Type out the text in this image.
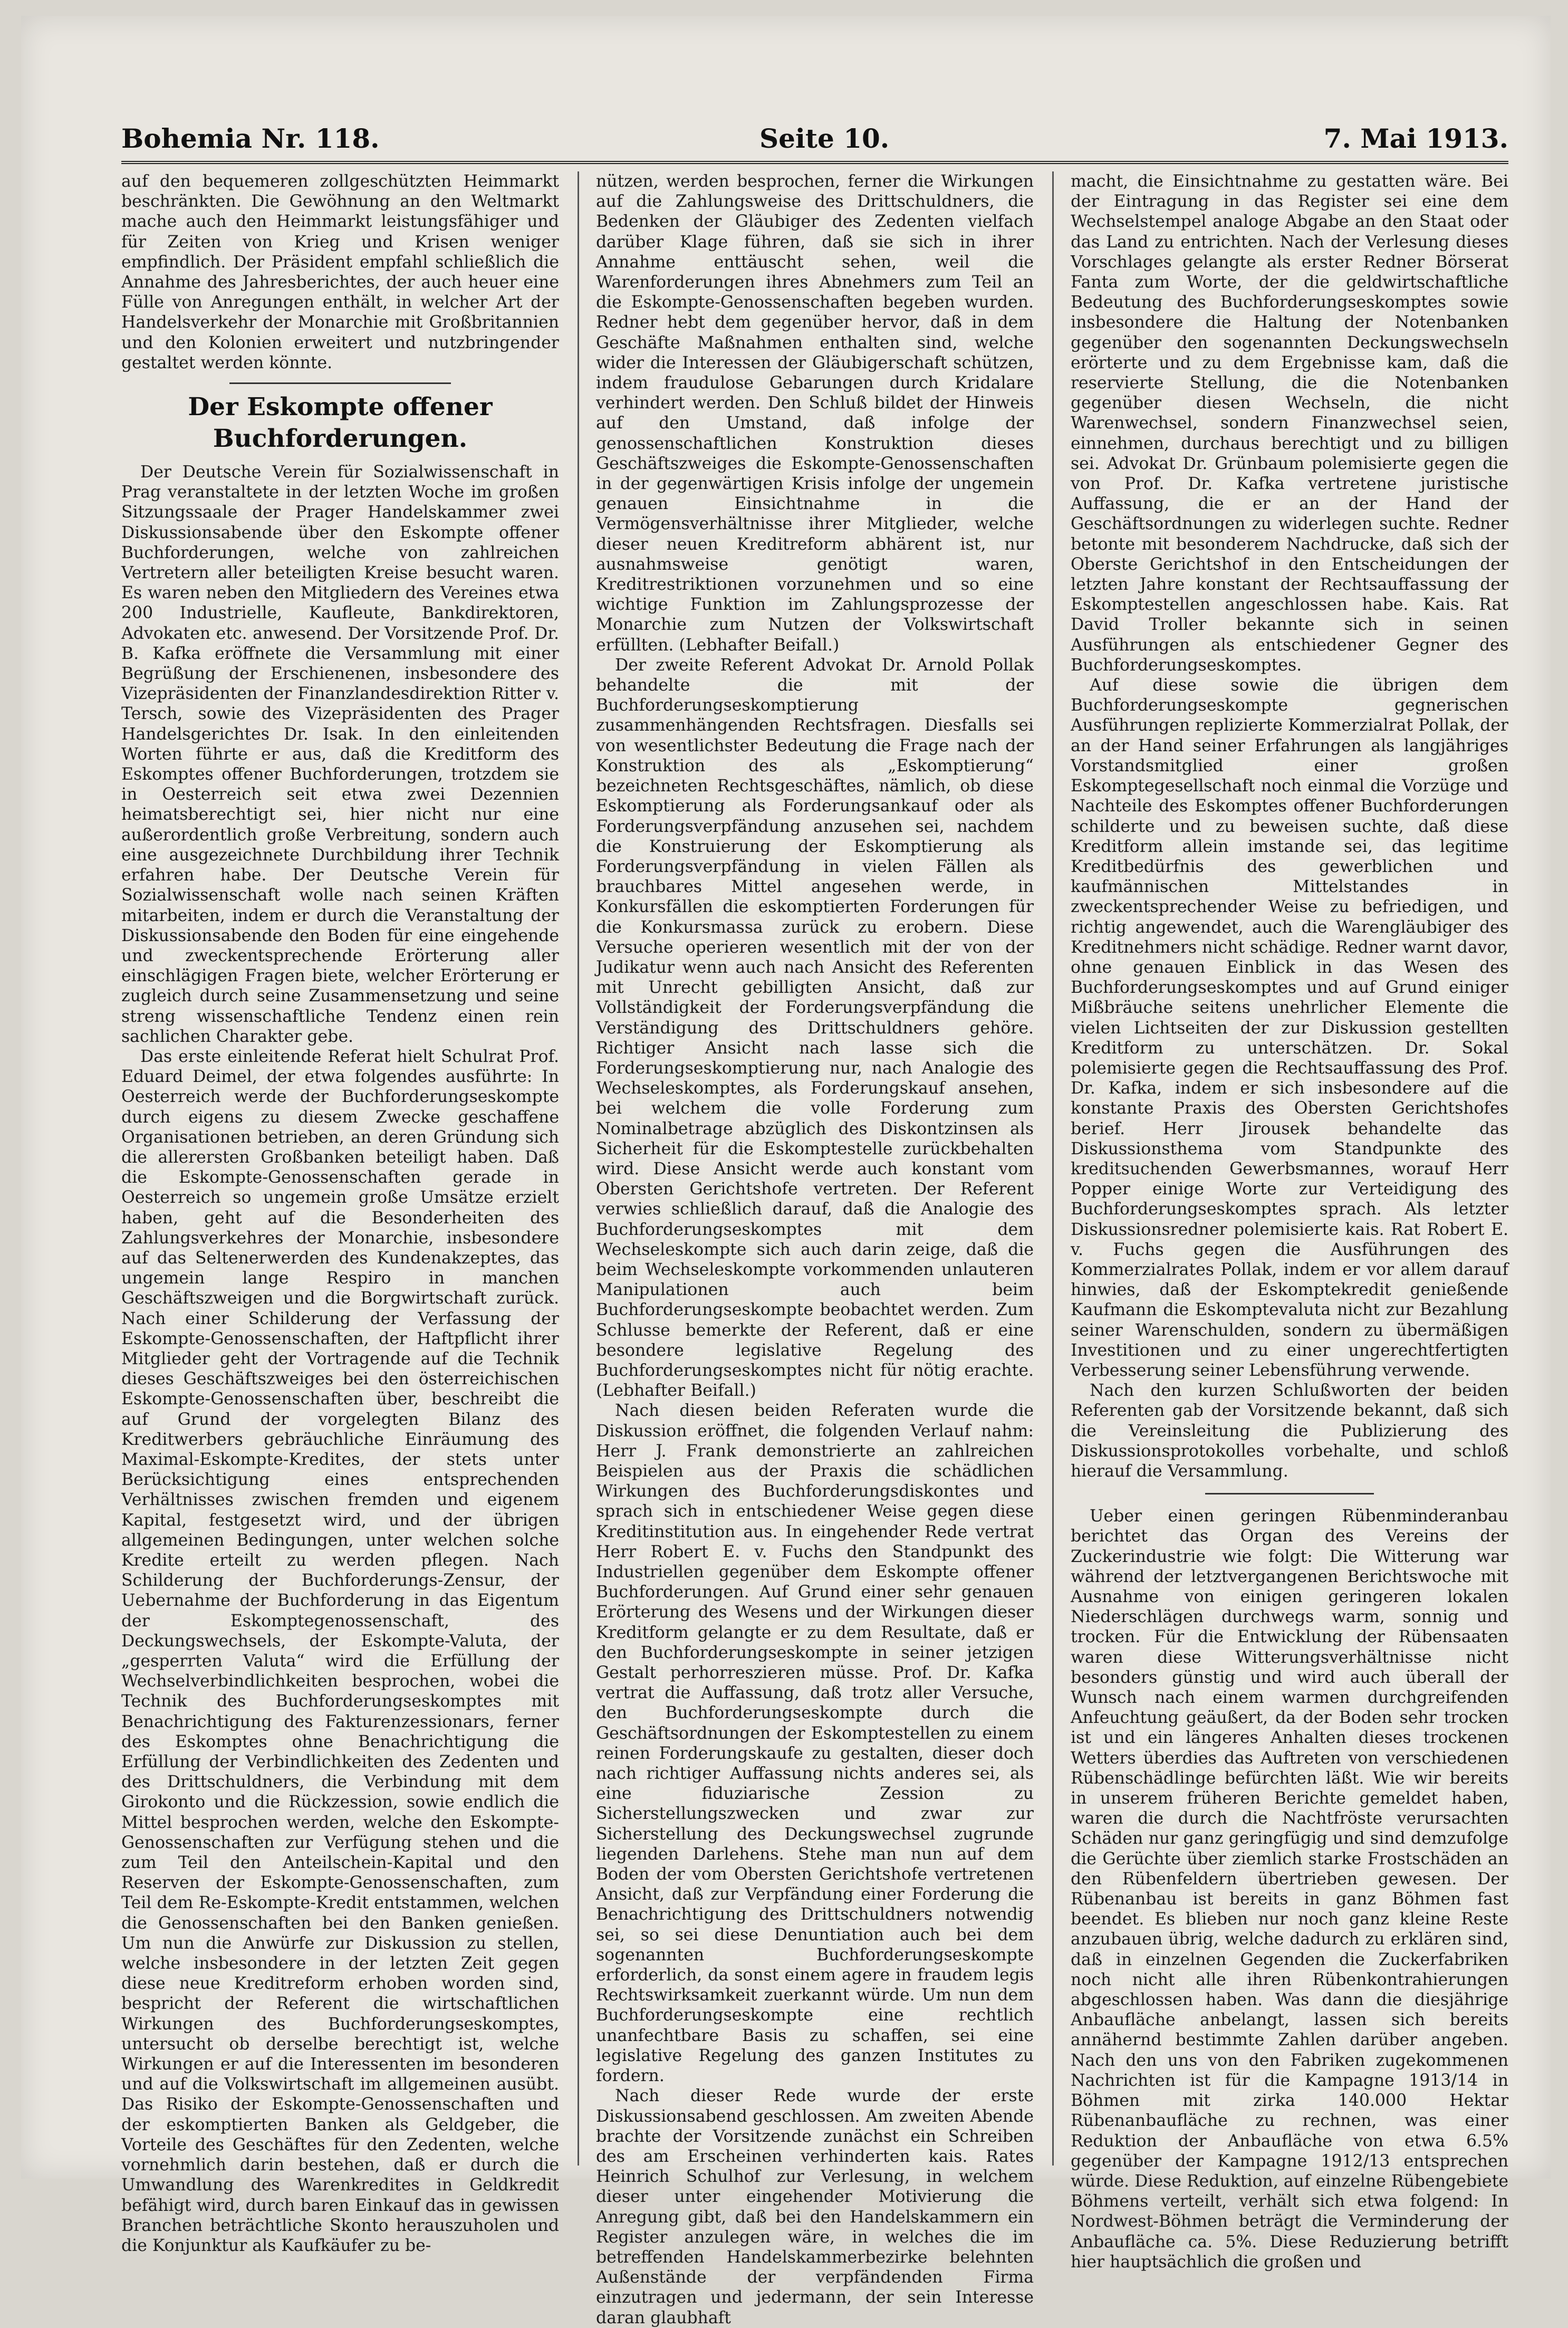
Bohemia Nr. 118.	Seite 10.	7. Mai 1913.

auf den bequemeren zollgeschützten Heimmarkt beschränkten. Die Gewöhnung an den Weltmarkt mache auch den Heimmarkt leistungsfähiger und für Zeiten von Krieg und Krisen weniger empfindlich. Der Präsident empfahl schließlich die Annahme des Jahresberichtes, der auch heuer eine Fülle von Anregungen enthält, in welcher Art der Handelsverkehr der Monarchie mit Großbritannien und den Kolonien erweitert und nutzbringender gestaltet werden könnte.

Der Eskompte offener Buchforderungen.

Der Deutsche Verein für Sozialwissenschaft in Prag veranstaltete in der letzten Woche im großen Sitzungssaale der Prager Handelskammer zwei Diskussionsabende über den Eskompte offener Buchforderungen, welche von zahlreichen Vertretern aller beteiligten Kreise besucht waren. Es waren neben den Mitgliedern des Vereines etwa 200 Industrielle, Kaufleute, Bankdirektoren, Advokaten etc. anwesend. Der Vorsitzende Prof. Dr. B. Kafka eröffnete die Versammlung mit einer Begrüßung der Erschienenen, insbesondere des Vizepräsidenten der Finanzlandesdirektion Ritter v. Tersch, sowie des Vizepräsidenten des Prager Handelsgerichtes Dr. Isak. In den einleitenden Worten führte er aus, daß die Kreditform des Eskomptes offener Buchforderungen, trotzdem sie in Oesterreich seit etwa zwei Dezennien heimatsberechtigt sei, hier nicht nur eine außerordentlich große Verbreitung, sondern auch eine ausgezeichnete Durchbildung ihrer Technik erfahren habe. Der Deutsche Verein für Sozialwissenschaft wolle nach seinen Kräften mitarbeiten, indem er durch die Veranstaltung der Diskussionsabende den Boden für eine eingehende und zweckentsprechende Erörterung aller einschlägigen Fragen biete, welcher Erörterung er zugleich durch seine Zusammensetzung und seine streng wissenschaftliche Tendenz einen rein sachlichen Charakter gebe.

Das erste einleitende Referat hielt Schulrat Prof. Eduard Deimel, der etwa folgendes ausführte: In Oesterreich werde der Buchforderungseskompte durch eigens zu diesem Zwecke geschaffene Organisationen betrieben, an deren Gründung sich die allerersten Großbanken beteiligt haben. Daß die Eskompte-Genossenschaften gerade in Oesterreich so ungemein große Umsätze erzielt haben, geht auf die Besonderheiten des Zahlungsverkehres der Monarchie, insbesondere auf das Seltenerwerden des Kundenakzeptes, das ungemein lange Respiro in manchen Geschäftszweigen und die Borgwirtschaft zurück. Nach einer Schilderung der Verfassung der Eskompte-Genossenschaften, der Haftpflicht ihrer Mitglieder geht der Vortragende auf die Technik dieses Geschäftszweiges bei den österreichischen Eskompte-Genossenschaften über, beschreibt die auf Grund der vorgelegten Bilanz des Kreditwerbers gebräuchliche Einräumung des Maximal-Eskompte-Kredites, der stets unter Berücksichtigung eines entsprechenden Verhältnisses zwischen fremden und eigenem Kapital, festgesetzt wird, und der übrigen allgemeinen Bedingungen, unter welchen solche Kredite erteilt zu werden pflegen. Nach Schilderung der Buchforderungs-Zensur, der Uebernahme der Buchforderung in das Eigentum der Eskomptegenossenschaft, des Deckungswechsels, der Eskompte-Valuta, der „gesperrten Valuta“ wird die Erfüllung der Wechselverbindlichkeiten besprochen, wobei die Technik des Buchforderungseskomptes mit Benachrichtigung des Fakturenzessionars, ferner des Eskomptes ohne Benachrichtigung die Erfüllung der Verbindlichkeiten des Zedenten und des Drittschuldners, die Verbindung mit dem Girokonto und die Rückzession, sowie endlich die Mittel besprochen werden, welche den Eskompte-Genossenschaften zur Verfügung stehen und die zum Teil den Anteilschein-Kapital und den Reserven der Eskompte-Genossenschaften, zum Teil dem Re-Eskompte-Kredit entstammen, welchen die Genossenschaften bei den Banken genießen. Um nun die Anwürfe zur Diskussion zu stellen, welche insbesondere in der letzten Zeit gegen diese neue Kreditreform erhoben worden sind, bespricht der Referent die wirtschaftlichen Wirkungen des Buchforderungseskomptes, untersucht ob derselbe berechtigt ist, welche Wirkungen er auf die Interessenten im besonderen und auf die Volkswirtschaft im allgemeinen ausübt. Das Risiko der Eskompte-Genossenschaften und der eskomptierten Banken als Geldgeber, die Vorteile des Geschäftes für den Zedenten, welche vornehmlich darin bestehen, daß er durch die Umwandlung des Warenkredites in Geldkredit befähigt wird, durch baren Einkauf das in gewissen Branchen beträchtliche Skonto herauszuholen und die Konjunktur als Kaufkäufer zu be-

nützen, werden besprochen, ferner die Wirkungen auf die Zahlungsweise des Drittschuldners, die Bedenken der Gläubiger des Zedenten vielfach darüber Klage führen, daß sie sich in ihrer Annahme enttäuscht sehen, weil die Warenforderungen ihres Abnehmers zum Teil an die Eskompte-Genossenschaften begeben wurden. Redner hebt dem gegenüber hervor, daß in dem Geschäfte Maßnahmen enthalten sind, welche wider die Interessen der Gläubigerschaft schützen, indem fraudulose Gebarungen durch Kridalare verhindert werden. Den Schluß bildet der Hinweis auf den Umstand, daß infolge der genossenschaftlichen Konstruktion dieses Geschäftszweiges die Eskompte-Genossenschaften in der gegenwärtigen Krisis infolge der ungemein genauen Einsichtnahme in die Vermögensverhältnisse ihrer Mitglieder, welche dieser neuen Kreditreform abhärent ist, nur ausnahmsweise genötigt waren, Kreditrestriktionen vorzunehmen und so eine wichtige Funktion im Zahlungsprozesse der Monarchie zum Nutzen der Volkswirtschaft erfüllten. (Lebhafter Beifall.)

Der zweite Referent Advokat Dr. Arnold Pollak behandelte die mit der Buchforderungseskomptierung zusammenhängenden Rechtsfragen. Diesfalls sei von wesentlichster Bedeutung die Frage nach der Konstruktion des als „Eskomptierung“ bezeichneten Rechtsgeschäftes, nämlich, ob diese Eskomptierung als Forderungsankauf oder als Forderungsverpfändung anzusehen sei, nachdem die Konstruierung der Eskomptierung als Forderungsverpfändung in vielen Fällen als brauchbares Mittel angesehen werde, in Konkursfällen die eskomptierten Forderungen für die Konkursmassa zurück zu erobern. Diese Versuche operieren wesentlich mit der von der Judikatur wenn auch nach Ansicht des Referenten mit Unrecht gebilligten Ansicht, daß zur Vollständigkeit der Forderungsverpfändung die Verständigung des Drittschuldners gehöre. Richtiger Ansicht nach lasse sich die Forderungseskomptierung nur, nach Analogie des Wechseleskomptes, als Forderungskauf ansehen, bei welchem die volle Forderung zum Nominalbetrage abzüglich des Diskontzinsen als Sicherheit für die Eskomptestelle zurückbehalten wird. Diese Ansicht werde auch konstant vom Obersten Gerichtshofe vertreten. Der Referent verwies schließlich darauf, daß die Analogie des Buchforderungseskomptes mit dem Wechseleskompte sich auch darin zeige, daß die beim Wechseleskompte vorkommenden unlauteren Manipulationen auch beim Buchforderungseskompte beobachtet werden. Zum Schlusse bemerkte der Referent, daß er eine besondere legislative Regelung des Buchforderungseskomptes nicht für nötig erachte. (Lebhafter Beifall.)

Nach diesen beiden Referaten wurde die Diskussion eröffnet, die folgenden Verlauf nahm: Herr J. Frank demonstrierte an zahlreichen Beispielen aus der Praxis die schädlichen Wirkungen des Buchforderungsdiskontes und sprach sich in entschiedener Weise gegen diese Kreditinstitution aus. In eingehender Rede vertrat Herr Robert E. v. Fuchs den Standpunkt des Industriellen gegenüber dem Eskompte offener Buchforderungen. Auf Grund einer sehr genauen Erörterung des Wesens und der Wirkungen dieser Kreditform gelangte er zu dem Resultate, daß er den Buchforderungseskompte in seiner jetzigen Gestalt perhorreszieren müsse. Prof. Dr. Kafka vertrat die Auffassung, daß trotz aller Versuche, den Buchforderungseskompte durch die Geschäftsordnungen der Eskomptestellen zu einem reinen Forderungskaufe zu gestalten, dieser doch nach richtiger Auffassung nichts anderes sei, als eine fiduziarische Zession zu Sicherstellungszwecken und zwar zur Sicherstellung des Deckungswechsel zugrunde liegenden Darlehens. Stehe man nun auf dem Boden der vom Obersten Gerichtshofe vertretenen Ansicht, daß zur Verpfändung einer Forderung die Benachrichtigung des Drittschuldners notwendig sei, so sei diese Denuntiation auch bei dem sogenannten Buchforderungseskompte erforderlich, da sonst einem agere in fraudem legis Rechtswirksamkeit zuerkannt würde. Um nun dem Buchforderungseskompte eine rechtlich unanfechtbare Basis zu schaffen, sei eine legislative Regelung des ganzen Institutes zu fordern.

Nach dieser Rede wurde der erste Diskussionsabend geschlossen. Am zweiten Abende brachte der Vorsitzende zunächst ein Schreiben des am Erscheinen verhinderten kais. Rates Heinrich Schulhof zur Verlesung, in welchem dieser unter eingehender Motivierung die Anregung gibt, daß bei den Handelskammern ein Register anzulegen wäre, in welches die im betreffenden Handelskammerbezirke belehnten Außenstände der verpfändenden Firma einzutragen und jedermann, der sein Interesse daran glaubhaft

macht, die Einsichtnahme zu gestatten wäre. Bei der Eintragung in das Register sei eine dem Wechselstempel analoge Abgabe an den Staat oder das Land zu entrichten. Nach der Verlesung dieses Vorschlages gelangte als erster Redner Börserat Fanta zum Worte, der die geldwirtschaftliche Bedeutung des Buchforderungseskomptes sowie insbesondere die Haltung der Notenbanken gegenüber den sogenannten Deckungswechseln erörterte und zu dem Ergebnisse kam, daß die reservierte Stellung, die die Notenbanken gegenüber diesen Wechseln, die nicht Warenwechsel, sondern Finanzwechsel seien, einnehmen, durchaus berechtigt und zu billigen sei. Advokat Dr. Grünbaum polemisierte gegen die von Prof. Dr. Kafka vertretene juristische Auffassung, die er an der Hand der Geschäftsordnungen zu widerlegen suchte. Redner betonte mit besonderem Nachdrucke, daß sich der Oberste Gerichtshof in den Entscheidungen der letzten Jahre konstant der Rechtsauffassung der Eskomptestellen angeschlossen habe. Kais. Rat David Troller bekannte sich in seinen Ausführungen als entschiedener Gegner des Buchforderungseskomptes.

Auf diese sowie die übrigen dem Buchforderungseskompte gegnerischen Ausführungen replizierte Kommerzialrat Pollak, der an der Hand seiner Erfahrungen als langjähriges Vorstandsmitglied einer großen Eskomptegesellschaft noch einmal die Vorzüge und Nachteile des Eskomptes offener Buchforderungen schilderte und zu beweisen suchte, daß diese Kreditform allein imstande sei, das legitime Kreditbedürfnis des gewerblichen und kaufmännischen Mittelstandes in zweckentsprechender Weise zu befriedigen, und richtig angewendet, auch die Warengläubiger des Kreditnehmers nicht schädige. Redner warnt davor, ohne genauen Einblick in das Wesen des Buchforderungseskomptes und auf Grund einiger Mißbräuche seitens unehrlicher Elemente die vielen Lichtseiten der zur Diskussion gestellten Kreditform zu unterschätzen. Dr. Sokal polemisierte gegen die Rechtsauffassung des Prof. Dr. Kafka, indem er sich insbesondere auf die konstante Praxis des Obersten Gerichtshofes berief. Herr Jirousek behandelte das Diskussionsthema vom Standpunkte des kreditsuchenden Gewerbsmannes, worauf Herr Popper einige Worte zur Verteidigung des Buchforderungseskomptes sprach. Als letzter Diskussionsredner polemisierte kais. Rat Robert E. v. Fuchs gegen die Ausführungen des Kommerzialrates Pollak, indem er vor allem darauf hinwies, daß der Eskomptekredit genießende Kaufmann die Eskomptevaluta nicht zur Bezahlung seiner Warenschulden, sondern zu übermäßigen Investitionen und zu einer ungerechtfertigten Verbesserung seiner Lebensführung verwende.

Nach den kurzen Schlußworten der beiden Referenten gab der Vorsitzende bekannt, daß sich die Vereinsleitung die Publizierung des Diskussionsprotokolles vorbehalte, und schloß hierauf die Versammlung.

Ueber einen geringen Rübenminderanbau berichtet das Organ des Vereins der Zuckerindustrie wie folgt: Die Witterung war während der letztvergangenen Berichtswoche mit Ausnahme von einigen geringeren lokalen Niederschlägen durchwegs warm, sonnig und trocken. Für die Entwicklung der Rübensaaten waren diese Witterungsverhältnisse nicht besonders günstig und wird auch überall der Wunsch nach einem warmen durchgreifenden Anfeuchtung geäußert, da der Boden sehr trocken ist und ein längeres Anhalten dieses trockenen Wetters überdies das Auftreten von verschiedenen Rübenschädlinge befürchten läßt. Wie wir bereits in unserem früheren Berichte gemeldet haben, waren die durch die Nachtfröste verursachten Schäden nur ganz geringfügig und sind demzufolge die Gerüchte über ziemlich starke Frostschäden an den Rübenfeldern übertrieben gewesen. Der Rübenanbau ist bereits in ganz Böhmen fast beendet. Es blieben nur noch ganz kleine Reste anzubauen übrig, welche dadurch zu erklären sind, daß in einzelnen Gegenden die Zuckerfabriken noch nicht alle ihren Rübenkontrahierungen abgeschlossen haben. Was dann die diesjährige Anbaufläche anbelangt, lassen sich bereits annähernd bestimmte Zahlen darüber angeben. Nach den uns von den Fabriken zugekommenen Nachrichten ist für die Kampagne 1913/14 in Böhmen mit zirka 140.000 Hektar Rübenanbaufläche zu rechnen, was einer Reduktion der Anbaufläche von etwa 6.5% gegenüber der Kampagne 1912/13 entsprechen würde. Diese Reduktion, auf einzelne Rübengebiete Böhmens verteilt, verhält sich etwa folgend: In Nordwest-Böhmen beträgt die Verminderung der Anbaufläche ca. 5%. Diese Reduzierung betrifft hier hauptsächlich die großen und
